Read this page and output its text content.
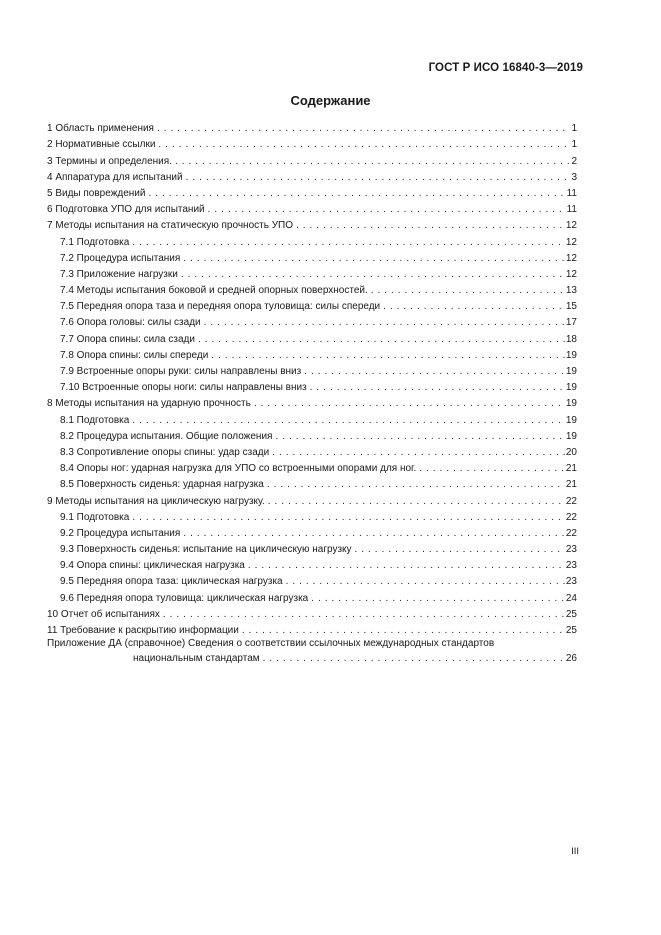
ГОСТ Р ИСО 16840-3—2019
Содержание
1 Область применения . . .	1
2 Нормативные ссылки . . .	1
3 Термины и определения. . . .	2
4 Аппаратура для испытаний . . .	3
5 Виды повреждений . . .	11
6 Подготовка УПО для испытаний . . .	11
7 Методы испытания на статическую прочность УПО . . .	12
7.1 Подготовка . . .	12
7.2 Процедура испытания . . .	12
7.3 Приложение нагрузки . . .	12
7.4 Методы испытания боковой и средней опорных поверхностей. . . .	13
7.5 Передняя опора таза и передняя опора туловища: силы спереди . . .	15
7.6 Опора головы: силы сзади . . .	17
7.7 Опора спины: сила сзади . . .	18
7.8 Опора спины: силы спереди . . .	19
7.9 Встроенные опоры руки: силы направлены вниз . . .	19
7.10 Встроенные опоры ноги: силы направлены вниз . . .	19
8 Методы испытания на ударную прочность . . .	19
8.1 Подготовка . . .	19
8.2 Процедура испытания. Общие положения . . .	19
8.3 Сопротивление опоры спины: удар сзади . . .	20
8.4 Опоры ног: ударная нагрузка для УПО со встроенными опорами для ног. . . .	21
8.5 Поверхность сиденья: ударная нагрузка . . .	21
9 Методы испытания на циклическую нагрузку. . . .	22
9.1 Подготовка . . .	22
9.2 Процедура испытания . . .	22
9.3 Поверхность сиденья: испытание на циклическую нагрузку . . .	23
9.4 Опора спины: циклическая нагрузка . . .	23
9.5 Передняя опора таза: циклическая нагрузка . . .	23
9.6 Передняя опора туловища: циклическая нагрузка . . .	24
10 Отчет об испытаниях . . .	25
11 Требование к раскрытию информации . . .	25
Приложение ДА (справочное) Сведения о соответствии ссылочных международных стандартов
национальным стандартам . . .	26
III
